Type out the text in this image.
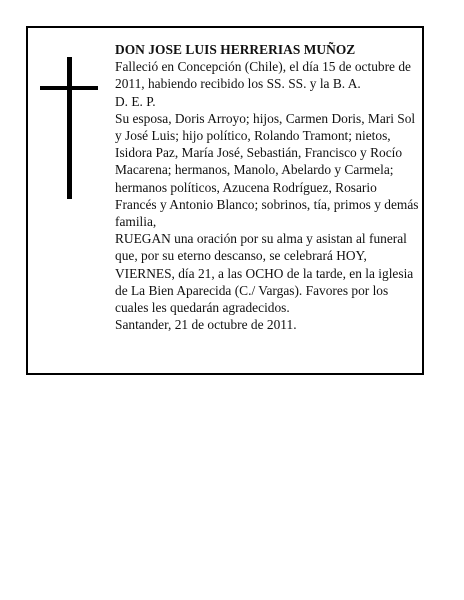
DON JOSE LUIS HERRERIAS MUÑOZ

Falleció en Concepción (Chile), el día 15 de octubre de 2011, habiendo recibido los SS. SS. y la B. A.

D. E. P.

Su esposa, Doris Arroyo; hijos, Carmen Doris, Mari Sol y José Luis; hijo político, Rolando Tramont; nietos, Isidora Paz, María José, Sebastián, Francisco y Rocío Macarena; hermanos, Manolo, Abelardo y Carmela; hermanos políticos, Azucena Rodríguez, Rosario Francés y Antonio Blanco; sobrinos, tía, primos y demás familia,

RUEGAN una oración por su alma y asistan al funeral que, por su eterno descanso, se celebrará HOY, VIERNES, día 21, a las OCHO de la tarde, en la iglesia de La Bien Aparecida (C./ Vargas). Favores por los cuales les quedarán agradecidos.

Santander, 21 de octubre de 2011.
